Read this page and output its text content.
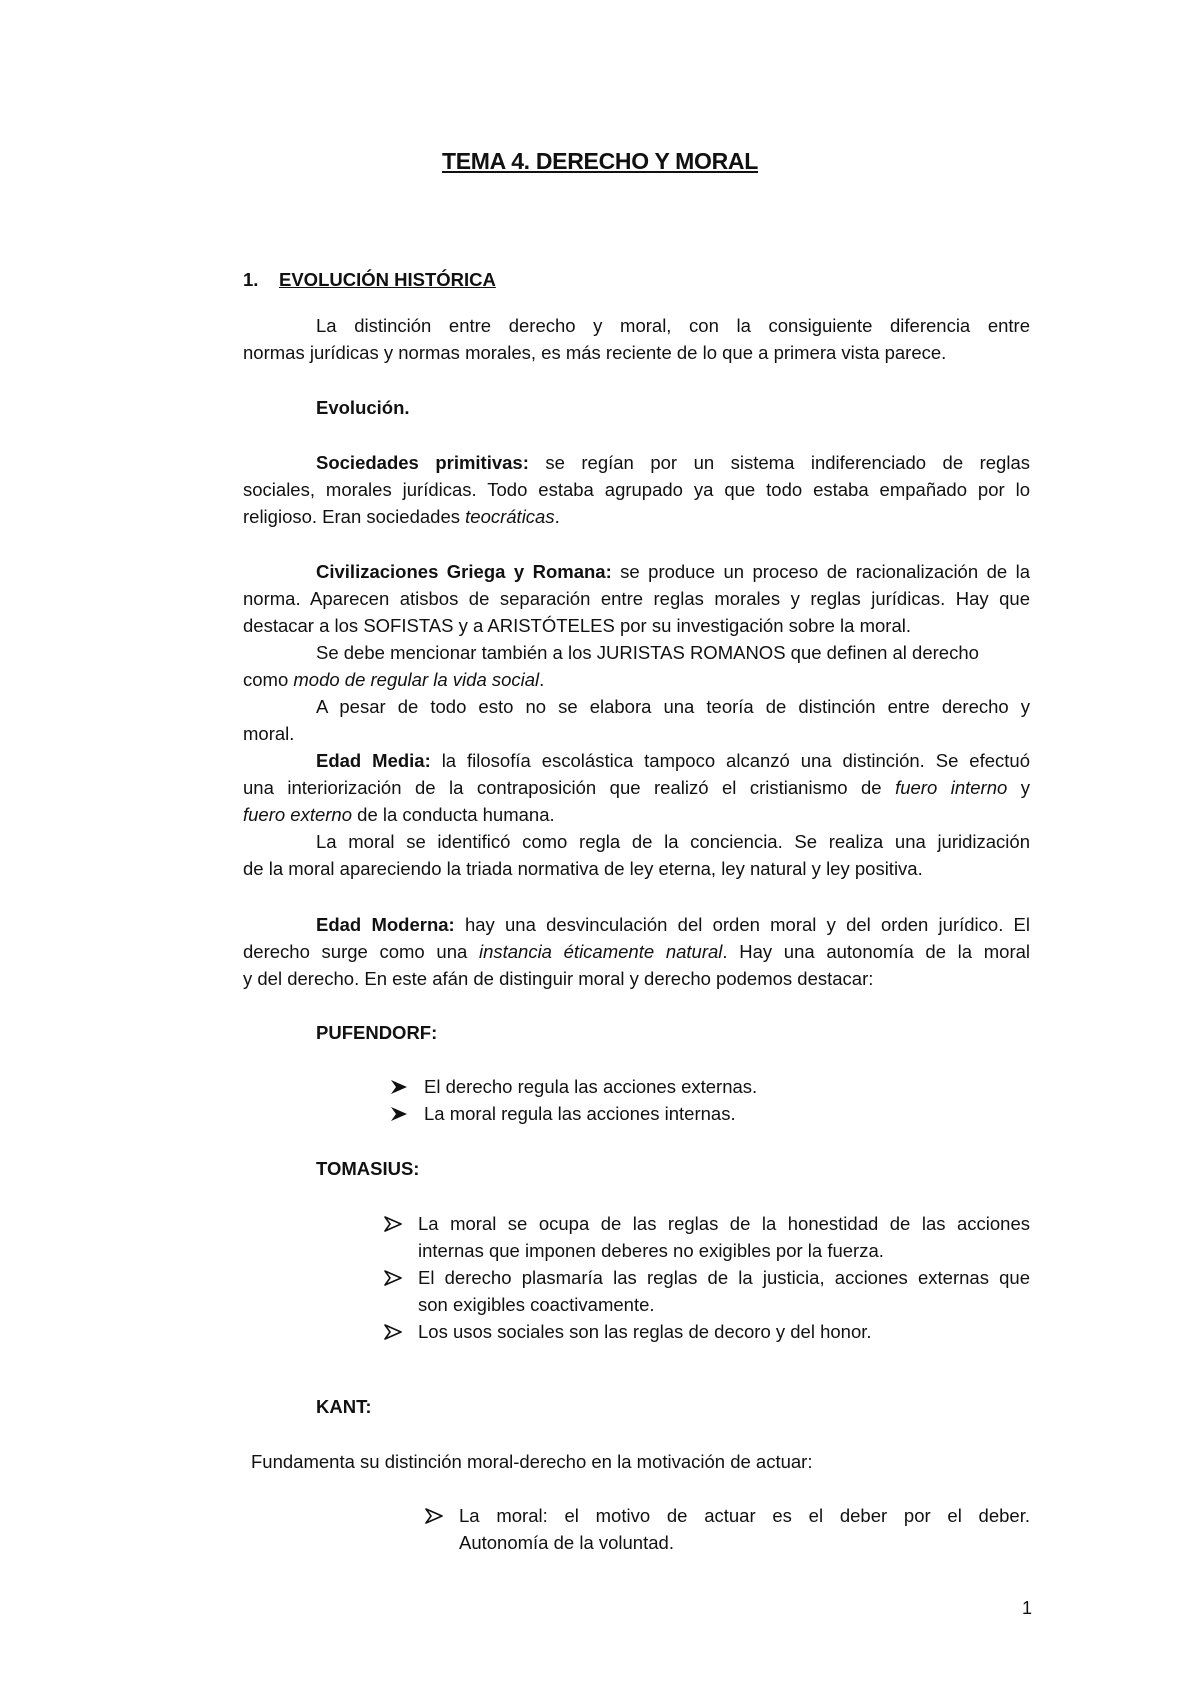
TEMA 4. DERECHO Y MORAL
1. EVOLUCIÓN HISTÓRICA
La distinción entre derecho y moral, con la consiguiente diferencia entre
normas jurídicas y normas morales, es más reciente de lo que a primera vista parece.
Evolución.
Sociedades primitivas: se regían por un sistema indiferenciado de reglas
sociales, morales jurídicas. Todo estaba agrupado ya que todo estaba empañado por lo
religioso. Eran sociedades teocráticas.
Civilizaciones Griega y Romana: se produce un proceso de racionalización de la
norma. Aparecen atisbos de separación entre reglas morales y reglas jurídicas. Hay que
destacar a los SOFISTAS y a ARISTÓTELES por su investigación sobre la moral.
Se debe mencionar también a los JURISTAS ROMANOS que definen al derecho
como modo de regular la vida social.
A pesar de todo esto no se elabora una teoría de distinción entre derecho y
moral.
Edad Media: la filosofía escolástica tampoco alcanzó una distinción. Se efectuó
una interiorización de la contraposición que realizó el cristianismo de fuero interno y
fuero externo de la conducta humana.
La moral se identificó como regla de la conciencia. Se realiza una juridización
de la moral apareciendo la triada normativa de ley eterna, ley natural y ley positiva.
Edad Moderna: hay una desvinculación del orden moral y del orden jurídico. El
derecho surge como una instancia éticamente natural. Hay una autonomía de la moral
y del derecho. En este afán de distinguir moral y derecho podemos destacar:
PUFENDORF:
El derecho regula las acciones externas.
La moral regula las acciones internas.
TOMASIUS:
La moral se ocupa de las reglas de la honestidad de las acciones
internas que imponen deberes no exigibles por la fuerza.
El derecho plasmaría las reglas de la justicia, acciones externas que
son exigibles coactivamente.
Los usos sociales son las reglas de decoro y del honor.
KANT:
Fundamenta su distinción moral-derecho en la motivación de actuar:
La moral: el motivo de actuar es el deber por el deber.
Autonomía de la voluntad.
1
